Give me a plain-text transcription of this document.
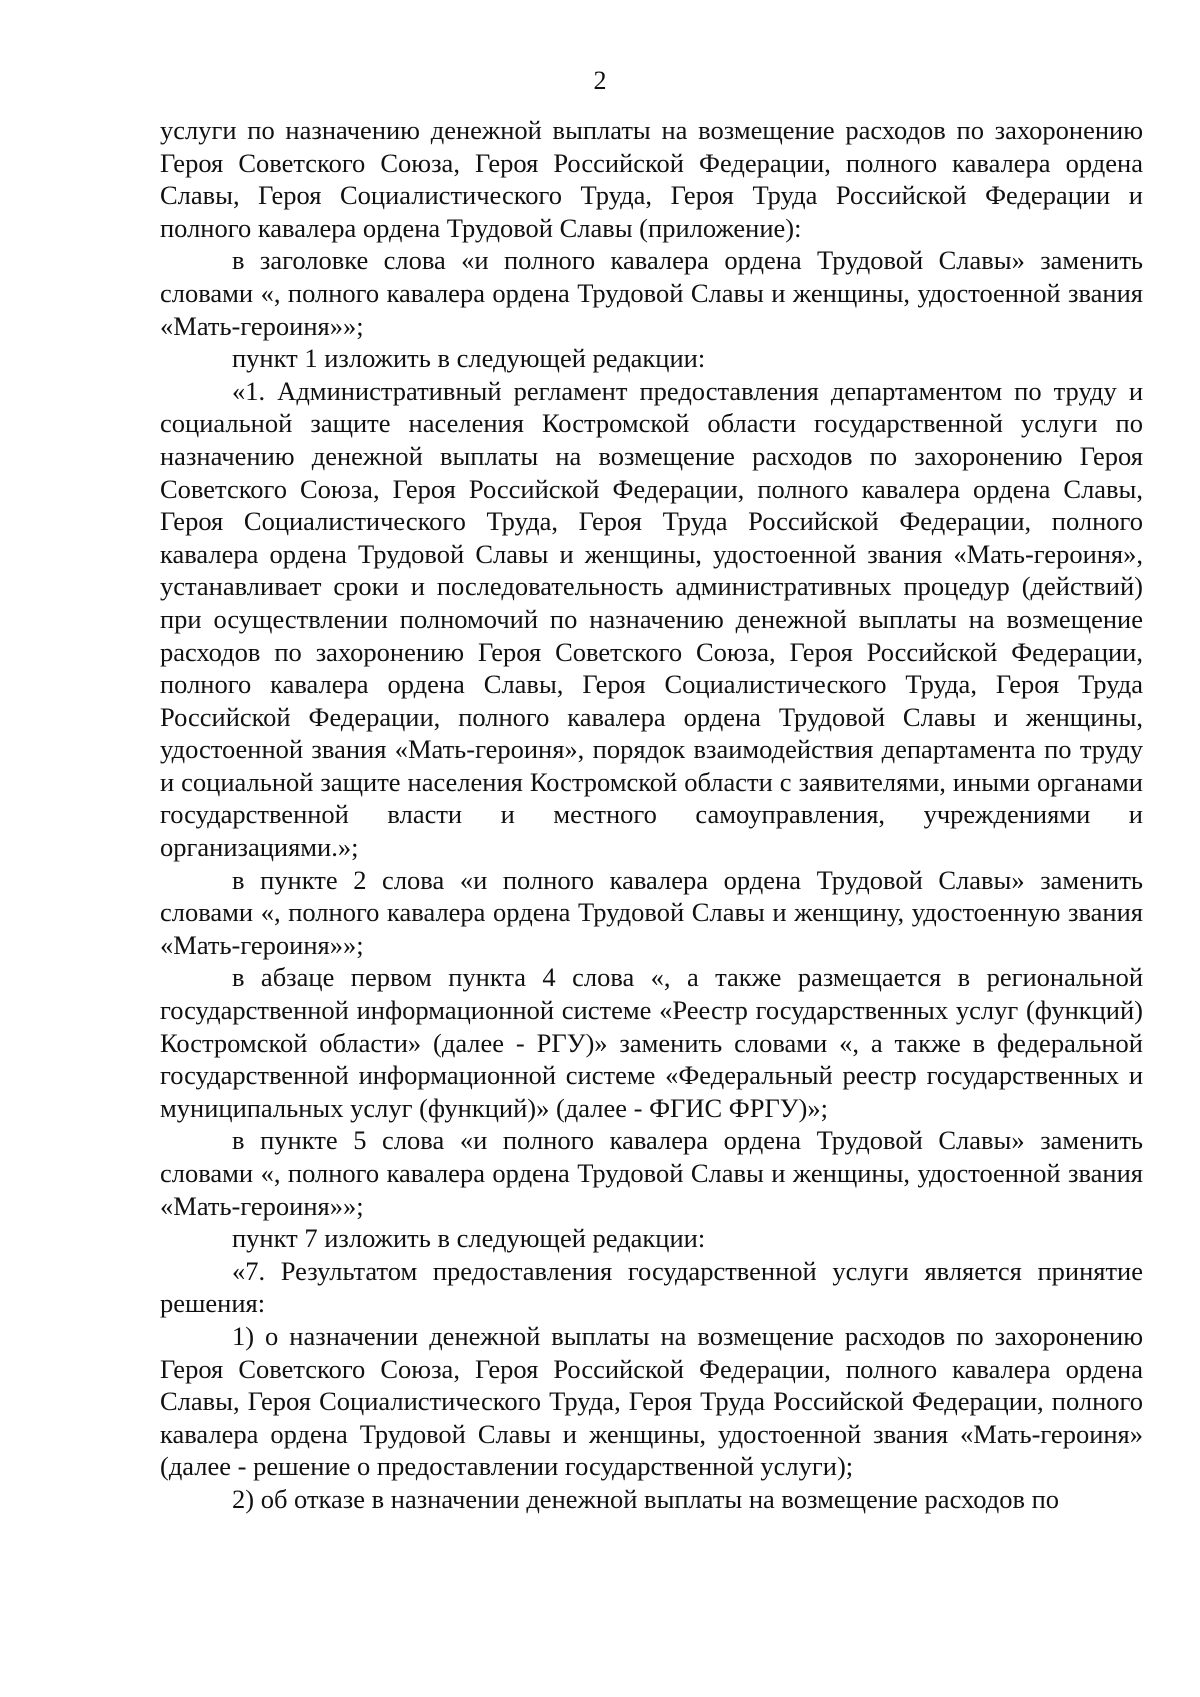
2

услуги по назначению денежной выплаты на возмещение расходов по захоронению Героя Советского Союза, Героя Российской Федерации, полного кавалера ордена Славы, Героя Социалистического Труда, Героя Труда Российской Федерации и полного кавалера ордена Трудовой Славы (приложение):

в заголовке слова «и полного кавалера ордена Трудовой Славы» заменить словами «, полного кавалера ордена Трудовой Славы и женщины, удостоенной звания «Мать-героиня»»;

пункт 1 изложить в следующей редакции:

«1. Административный регламент предоставления департаментом по труду и социальной защите населения Костромской области государственной услуги по назначению денежной выплаты на возмещение расходов по захоронению Героя Советского Союза, Героя Российской Федерации, полного кавалера ордена Славы, Героя Социалистического Труда, Героя Труда Российской Федерации, полного кавалера ордена Трудовой Славы и женщины, удостоенной звания «Мать-героиня», устанавливает сроки и последовательность административных процедур (действий) при осуществлении полномочий по назначению денежной выплаты на возмещение расходов по захоронению Героя Советского Союза, Героя Российской Федерации, полного кавалера ордена Славы, Героя Социалистического Труда, Героя Труда Российской Федерации, полного кавалера ордена Трудовой Славы и женщины, удостоенной звания «Мать-героиня», порядок взаимодействия департамента по труду и социальной защите населения Костромской области с заявителями, иными органами государственной власти и местного самоуправления, учреждениями и организациями.»;

в пункте 2 слова «и полного кавалера ордена Трудовой Славы» заменить словами «, полного кавалера ордена Трудовой Славы и женщину, удостоенную звания «Мать-героиня»»;

в абзаце первом пункта 4 слова «, а также размещается в региональной государственной информационной системе «Реестр государственных услуг (функций) Костромской области» (далее - РГУ)» заменить словами «, а также в федеральной государственной информационной системе «Федеральный реестр государственных и муниципальных услуг (функций)» (далее - ФГИС ФРГУ)»;

в пункте 5 слова «и полного кавалера ордена Трудовой Славы» заменить словами «, полного кавалера ордена Трудовой Славы и женщины, удостоенной звания «Мать-героиня»»;

пункт 7 изложить в следующей редакции:

«7. Результатом предоставления государственной услуги является принятие решения:

1) о назначении денежной выплаты на возмещение расходов по захоронению Героя Советского Союза, Героя Российской Федерации, полного кавалера ордена Славы, Героя Социалистического Труда, Героя Труда Российской Федерации, полного кавалера ордена Трудовой Славы и женщины, удостоенной звания «Мать-героиня» (далее - решение о предоставлении государственной услуги);

2) об отказе в назначении денежной выплаты на возмещение расходов по
